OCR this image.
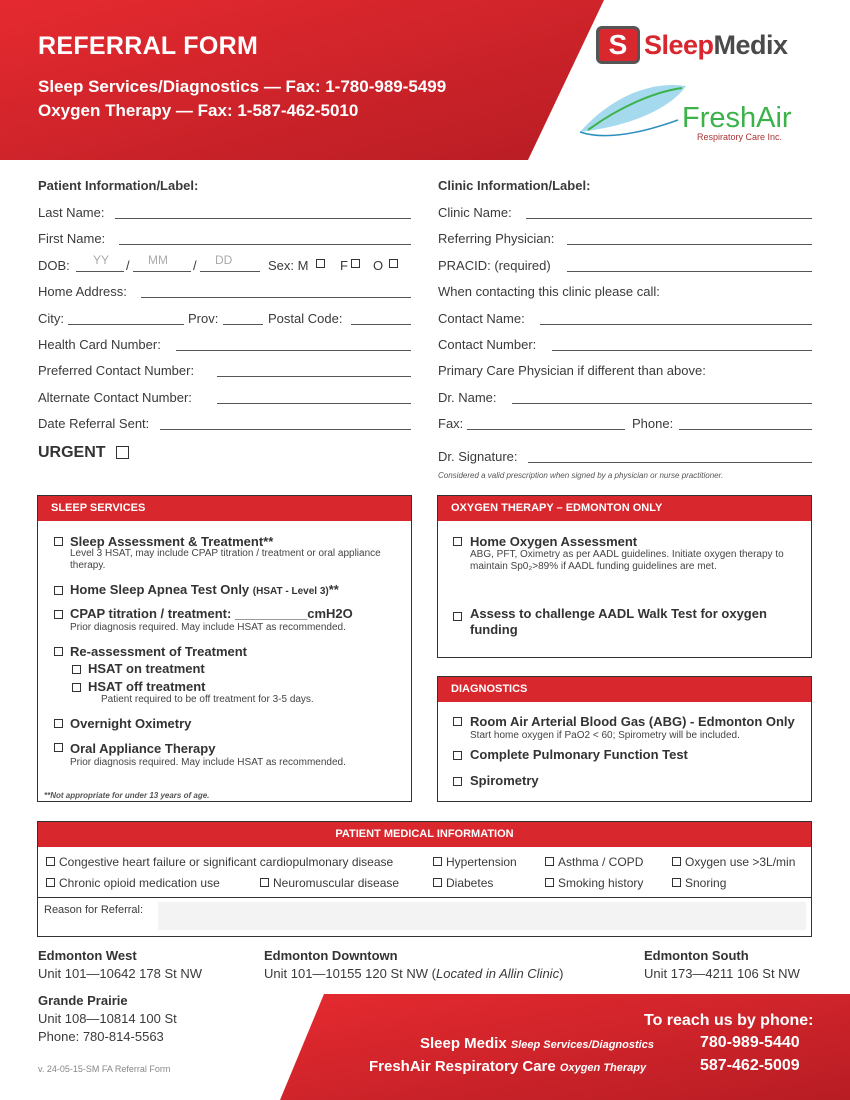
REFERRAL FORM
Sleep Services/Diagnostics — Fax: 1-780-989-5499
Oxygen Therapy — Fax: 1-587-462-5010
S SleepMedix
FreshAir
Respiratory Care Inc.
Patient Information/Label:
Last Name:
First Name:
DOB: YY / MM / DD	Sex: M F O
Home Address:
City:	Prov:	Postal Code:
Health Card Number:
Preferred Contact Number:
Alternate Contact Number:
Date Referral Sent:
URGENT
Clinic Information/Label:
Clinic Name:
Referring Physician:
PRACID: (required)
When contacting this clinic please call:
Contact Name:
Contact Number:
Primary Care Physician if different than above:
Dr. Name:
Fax:	Phone:
Dr. Signature:
Considered a valid prescription when signed by a physician or nurse practitioner.
SLEEP SERVICES
Sleep Assessment & Treatment**
Level 3 HSAT, may include CPAP titration / treatment or oral appliance therapy.
Home Sleep Apnea Test Only (HSAT - Level 3)**
CPAP titration / treatment: __________cmH2O
Prior diagnosis required. May include HSAT as recommended.
Re-assessment of Treatment
HSAT on treatment
HSAT off treatment
Patient required to be off treatment for 3-5 days.
Overnight Oximetry
Oral Appliance Therapy
Prior diagnosis required. May include HSAT as recommended.
**Not appropriate for under 13 years of age.
OXYGEN THERAPY – EDMONTON ONLY
Home Oxygen Assessment
ABG, PFT, Oximetry as per AADL guidelines. Initiate oxygen therapy to maintain Sp0₂>89% if AADL funding guidelines are met.
Assess to challenge AADL Walk Test for oxygen funding
DIAGNOSTICS
Room Air Arterial Blood Gas (ABG) - Edmonton Only
Start home oxygen if PaO2 < 60; Spirometry will be included.
Complete Pulmonary Function Test
Spirometry
PATIENT MEDICAL INFORMATION
Congestive heart failure or significant cardiopulmonary disease	Hypertension	Asthma / COPD	Oxygen use >3L/min
Chronic opioid medication use	Neuromuscular disease	Diabetes	Smoking history	Snoring
Reason for Referral:
Edmonton West
Unit 101—10642 178 St NW
Edmonton Downtown
Unit 101—10155 120 St NW (Located in Allin Clinic)
Edmonton South
Unit 173—4211 106 St NW
Grande Prairie
Unit 108—10814 100 St
Phone: 780-814-5563
v. 24-05-15-SM FA Referral Form
To reach us by phone:
Sleep Medix Sleep Services/Diagnostics	780-989-5440
FreshAir Respiratory Care Oxygen Therapy	587-462-5009
